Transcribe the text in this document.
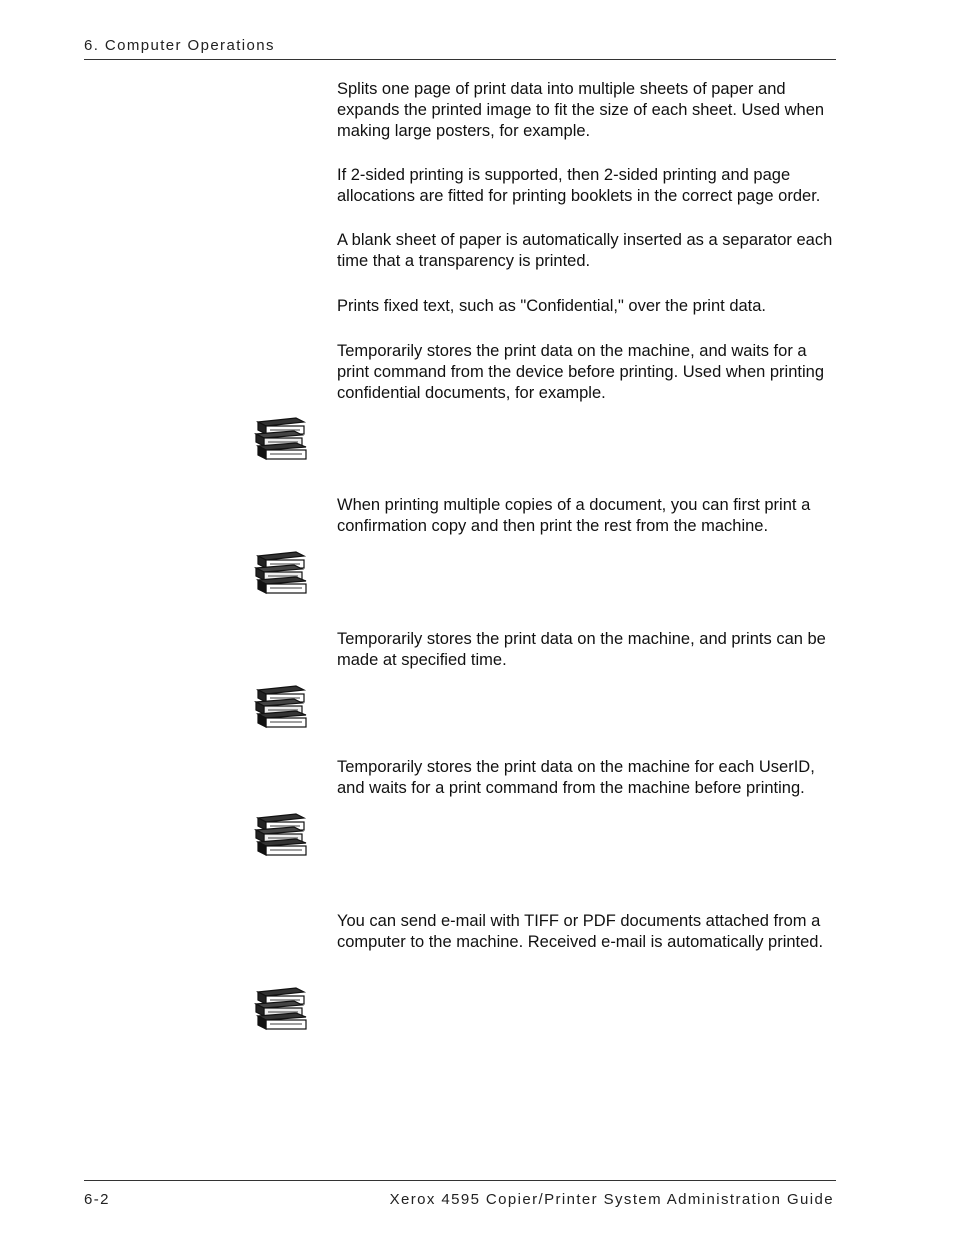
6. Computer Operations
Splits one page of print data into multiple sheets of paper and expands the printed image to fit the size of each sheet. Used when making large posters, for example.
If 2-sided printing is supported, then 2-sided printing and page allocations are fitted for printing booklets in the correct page order.
A blank sheet of paper is automatically inserted as a separator each time that a transparency is printed.
Prints fixed text, such as "Confidential," over the print data.
Temporarily stores the print data on the machine, and waits for a print command from the device before printing. Used when printing confidential documents, for example.
When printing multiple copies of a document, you can first print a confirmation copy and then print the rest from the machine.
Temporarily stores the print data on the machine, and prints can be made at specified time.
Temporarily stores the print data on the machine for each UserID, and waits for a print command from the machine before printing.
You can send e-mail with TIFF or PDF documents attached from a computer to the machine. Received e-mail is automatically printed.
6-2	Xerox 4595 Copier/Printer System Administration Guide
